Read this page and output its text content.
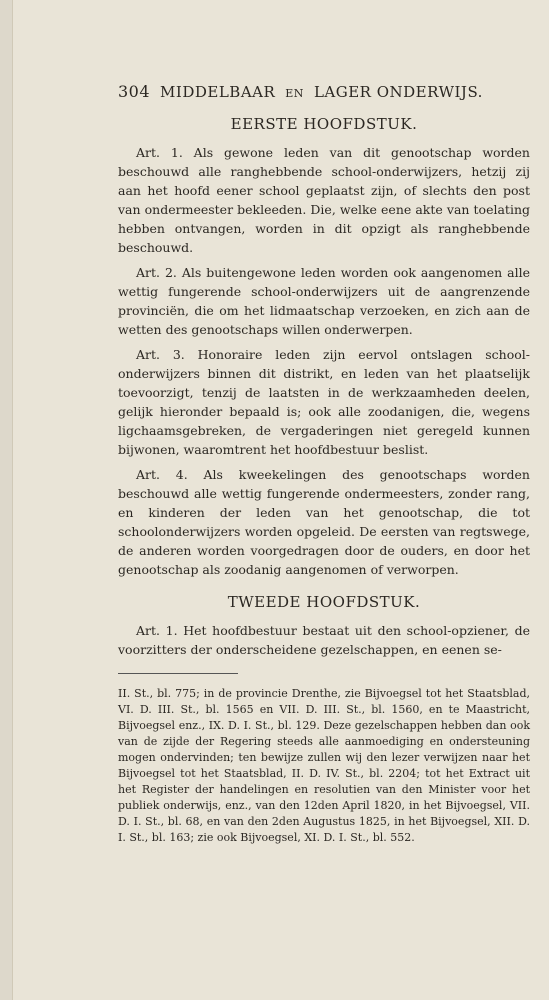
304 MIDDELBAAR EN LAGER ONDERWIJS.
EERSTE HOOFDSTUK.

Art. 1. Als gewone leden van dit genootschap worden beschouwd alle ranghebbende school-onderwijzers, hetzij zij aan het hoofd eener school geplaatst zijn, of slechts den post van ondermeester bekleeden. Die, welke eene akte van toelating hebben ontvangen, worden in dit opzigt als ranghebbende beschouwd.

Art. 2. Als buitengewone leden worden ook aangenomen alle wettig fungerende school-onderwijzers uit de aangrenzende provinciën, die om het lidmaatschap verzoeken, en zich aan de wetten des genootschaps willen onderwerpen.

Art. 3. Honoraire leden zijn eervol ontslagen school-onderwijzers binnen dit distrikt, en leden van het plaatselijk toevoorzigt, tenzij de laatsten in de werkzaamheden deelen, gelijk hieronder bepaald is; ook alle zoodanigen, die, wegens ligchaamsgebreken, de vergaderingen niet geregeld kunnen bijwonen, waaromtrent het hoofdbestuur beslist.

Art. 4. Als kweekelingen des genootschaps worden beschouwd alle wettig fungerende ondermeesters, zonder rang, en kinderen der leden van het genootschap, die tot schoolonderwijzers worden opgeleid. De eersten van regtswege, de anderen worden voorgedragen door de ouders, en door het genootschap als zoodanig aangenomen of verworpen.

TWEEDE HOOFDSTUK.

Art. 1. Het hoofdbestuur bestaat uit den school-opziener, de voorzitters der onderscheidene gezelschappen, en eenen se-

II. St., bl. 775; in de provincie Drenthe, zie Bijvoegsel tot het Staatsblad, VI. D. III. St., bl. 1565 en VII. D. III. St., bl. 1560, en te Maastricht, Bijvoegsel enz., IX. D. I. St., bl. 129. Deze gezelschappen hebben dan ook van de zijde der Regering steeds alle aanmoediging en ondersteuning mogen ondervinden; ten bewijze zullen wij den lezer verwijzen naar het Bijvoegsel tot het Staatsblad, II. D. IV. St., bl. 2204; tot het Extract uit het Register der handelingen en resolutien van den Minister voor het publiek onderwijs, enz., van den 12den April 1820, in het Bijvoegsel, VII. D. I. St., bl. 68, en van den 2den Augustus 1825, in het Bijvoegsel, XII. D. I. St., bl. 163; zie ook Bijvoegsel, XI. D. I. St., bl. 552.
